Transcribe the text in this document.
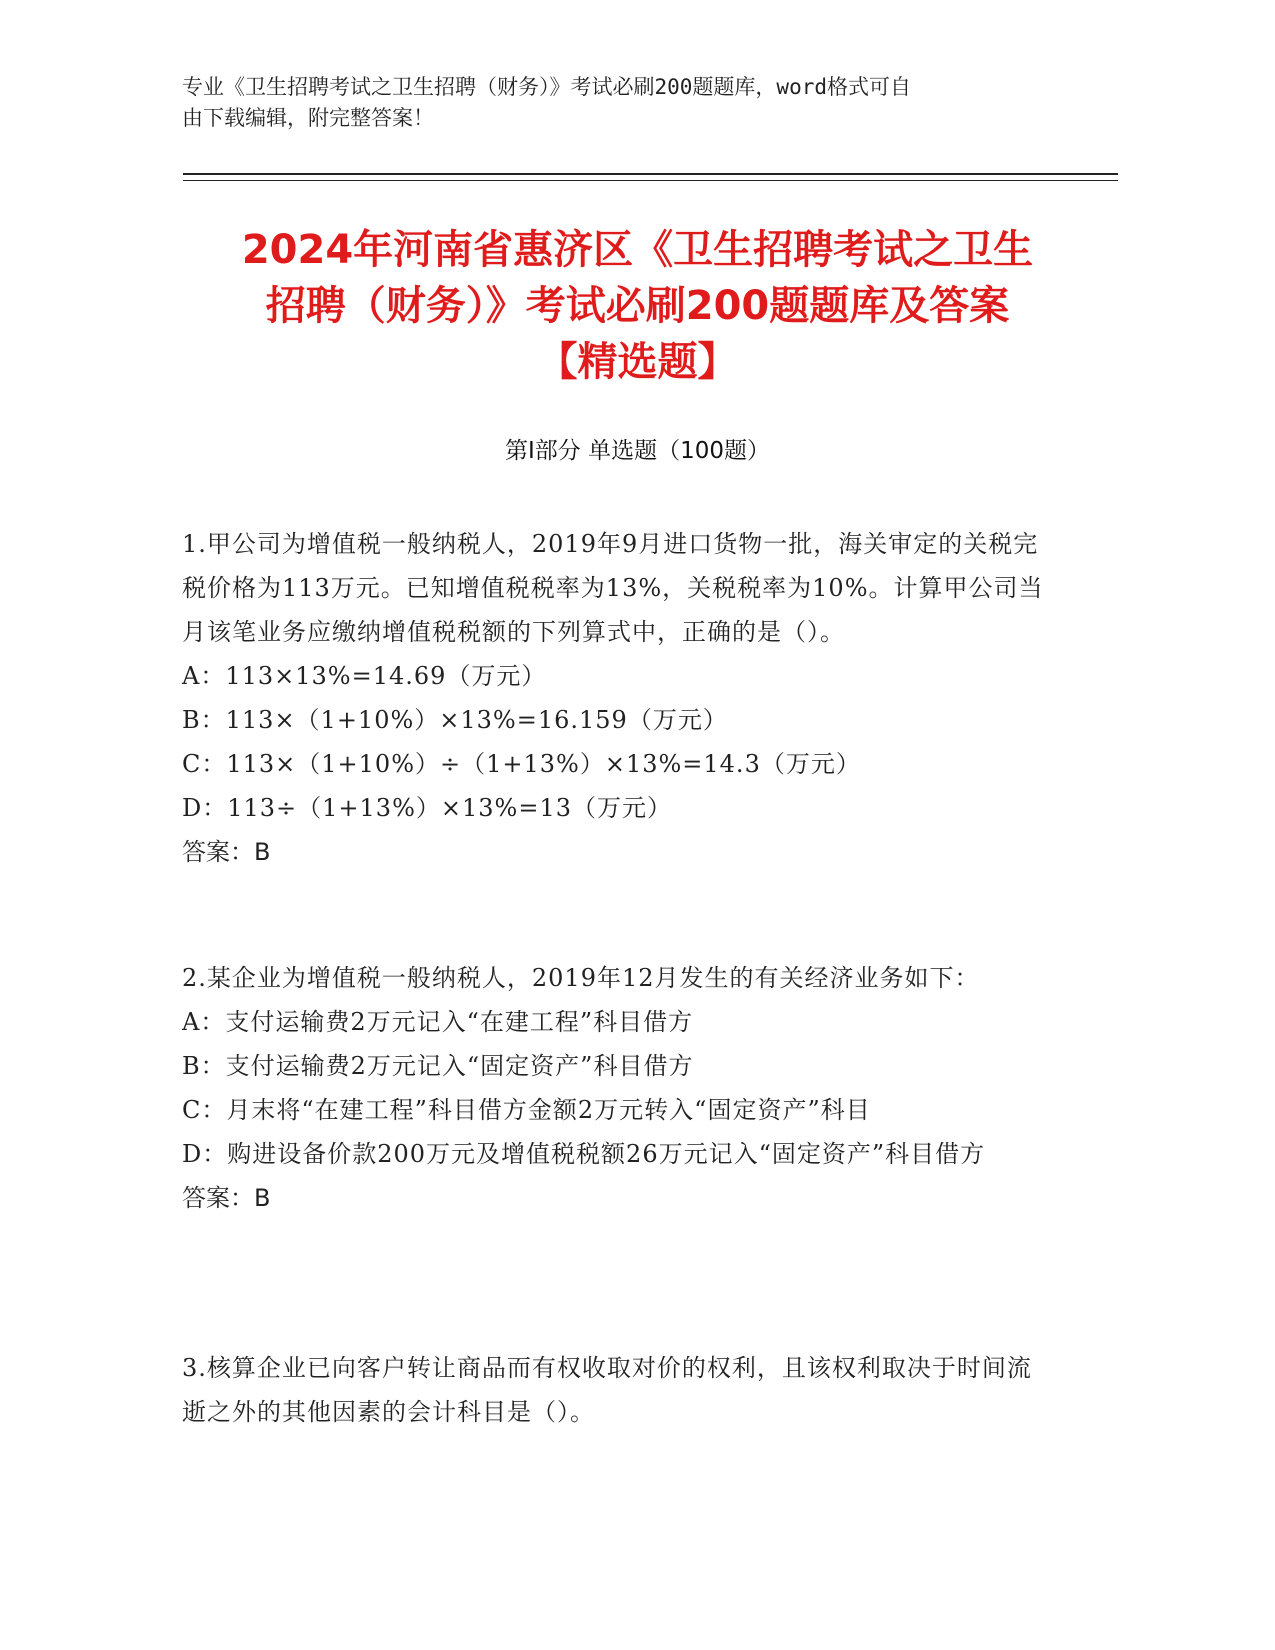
专业《卫生招聘考试之卫生招聘（财务）》考试必刷200题题库，word格式可自
由下载编辑，附完整答案！
2024年河南省惠济区《卫生招聘考试之卫生
招聘（财务）》考试必刷200题题库及答案
【精选题】
第Ⅰ部分 单选题（100题）
1.甲公司为增值税一般纳税人，2019年9月进口货物一批，海关审定的关税完税价格为113万元。已知增值税税率为13%，关税税率为10%。计算甲公司当月该笔业务应缴纳增值税税额的下列算式中，正确的是（）。
A：113×13%=14.69（万元）
B：113×（1+10%）×13%=16.159（万元）
C：113×（1+10%）÷（1+13%）×13%=14.3（万元）
D：113÷（1+13%）×13%=13（万元）
答案：B
2.某企业为增值税一般纳税人，2019年12月发生的有关经济业务如下：
A：支付运输费2万元记入“在建工程”科目借方
B：支付运输费2万元记入“固定资产”科目借方
C：月末将“在建工程”科目借方金额2万元转入“固定资产”科目
D：购进设备价款200万元及增值税税额26万元记入“固定资产”科目借方
答案：B
3.核算企业已向客户转让商品而有权收取对价的权利，且该权利取决于时间流逝之外的其他因素的会计科目是（）。
